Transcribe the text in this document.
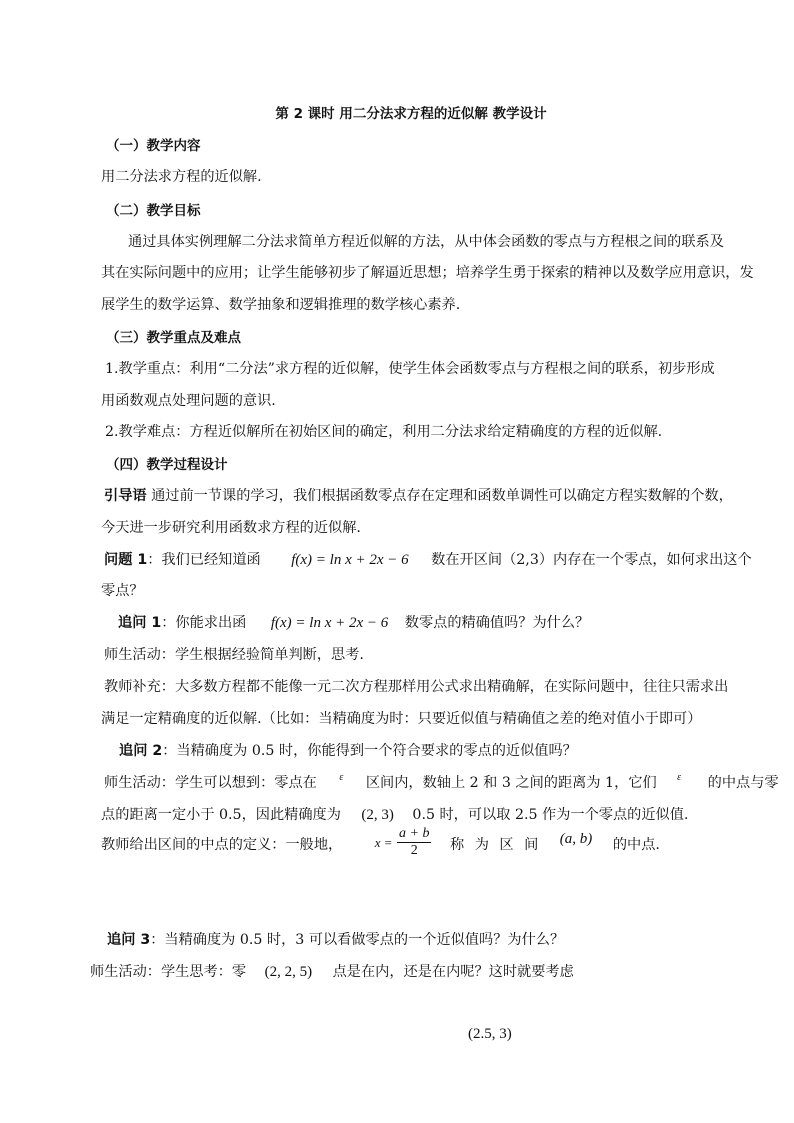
第 2 课时 用二分法求方程的近似解 教学设计
（一）教学内容
用二分法求方程的近似解.
（二）教学目标
通过具体实例理解二分法求简单方程近似解的方法，从中体会函数的零点与方程根之间的联系及
其在实际问题中的应用；让学生能够初步了解逼近思想；培养学生勇于探索的精神以及数学应用意识，发
展学生的数学运算、数学抽象和逻辑推理的数学核心素养.
（三）教学重点及难点
1.教学重点：利用“二分法”求方程的近似解，使学生体会函数零点与方程根之间的联系，初步形成
用函数观点处理问题的意识.
2.教学难点：方程近似解所在初始区间的确定，利用二分法求给定精确度的方程的近似解.
（四）教学过程设计
引导语 通过前一节课的学习，我们根据函数零点存在定理和函数单调性可以确定方程实数解的个数，
今天进一步研究利用函数求方程的近似解.
问题 1：我们已经知道函 f(x) = ln x + 2x − 6 数在开区间（2,3）内存在一个零点，如何求出这个
零点？
追问 1：你能求出函 f(x) = ln x + 2x − 6 数零点的精确值吗？为什么？
师生活动：学生根据经验简单判断，思考.
教师补充：大多数方程都不能像一元二次方程那样用公式求出精确解，在实际问题中，往往只需求出
满足一定精确度的近似解.（比如：当精确度为时：只要近似值与精确值之差的绝对值小于即可）
追问 2：当精确度为 0.5 时，你能得到一个符合要求的零点的近似值吗？
师生活动：学生可以想到：零点在 $^\varepsilon$ 区间内，数轴上 2 和 3 之间的距离为 1，它们 $^\varepsilon$ 的中点与零
点的距离一定小于 0.5，因此精确度为 (2, 3) 0.5 时，可以取 2.5 作为一个零点的近似值.
教师给出区间的中点的定义：一般地，	$x = \frac{a + b}{2}$ 称 为 区 间 (a, b) 的中点.
追问 3：当精确度为 0.5 时，3 可以看做零点的一个近似值吗？为什么？
师生活动：学生思考：零 (2, 2, 5) 点是在内，还是在内呢？这时就要考虑
(2.5, 3)
